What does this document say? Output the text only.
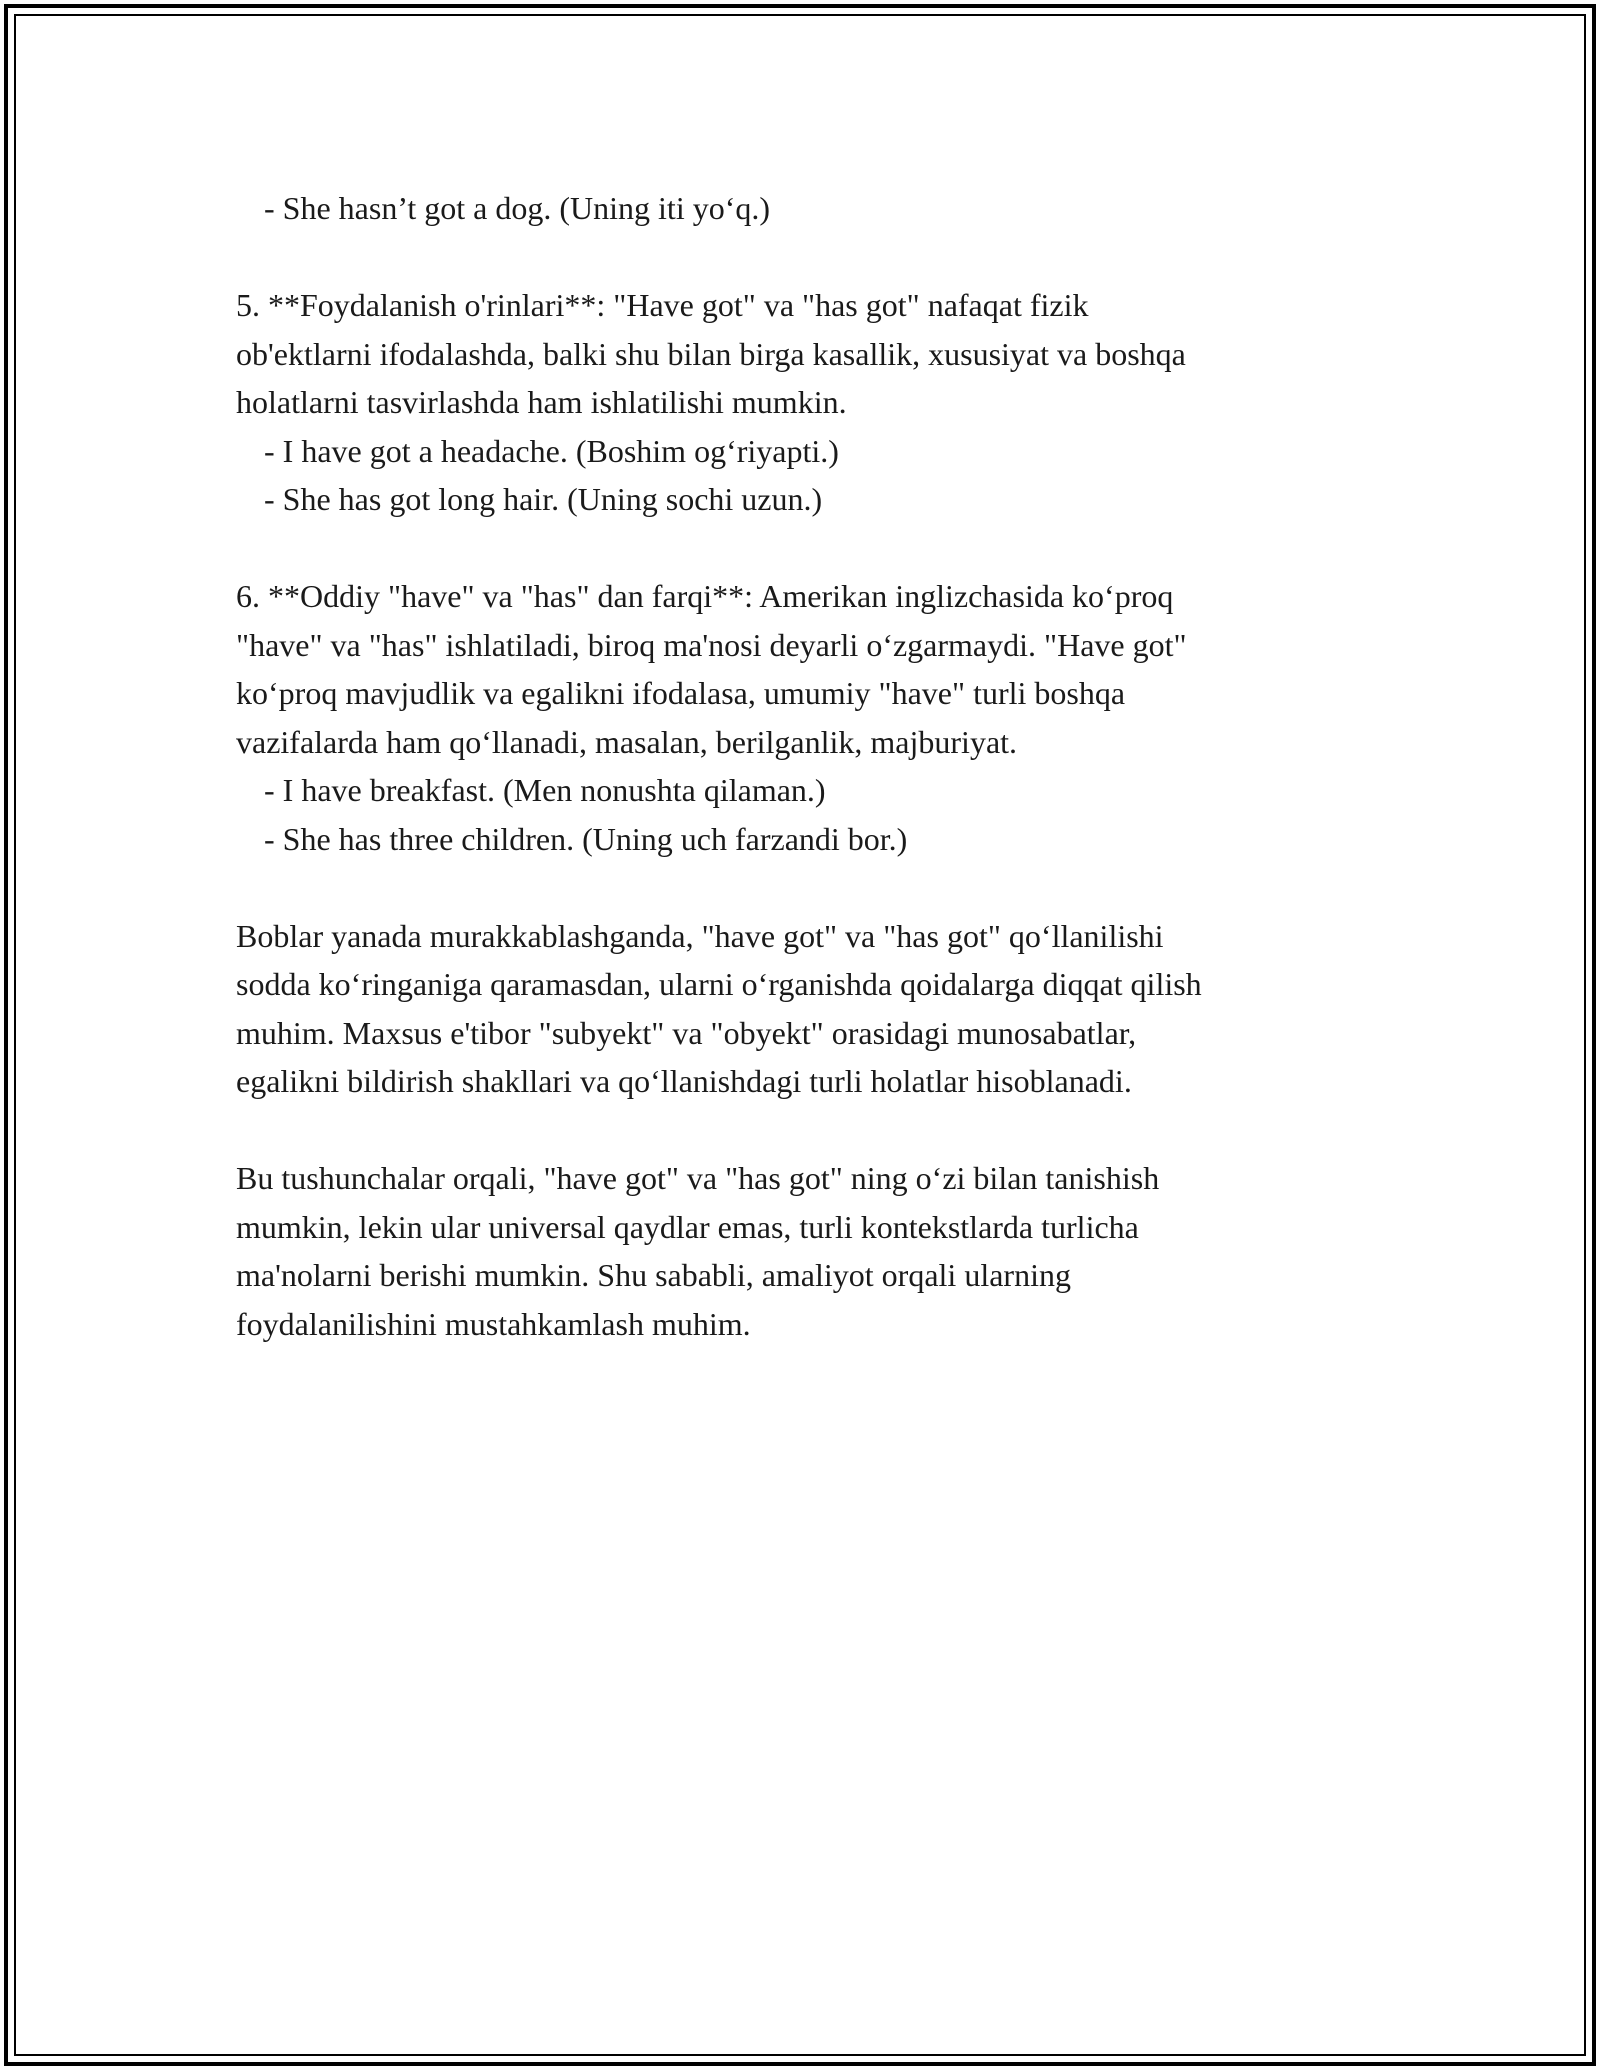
- She hasn’t got a dog. (Uning iti yo‘q.)
5. **Foydalanish o'rinlari**: "Have got" va "has got" nafaqat fizik
ob'ektlarni ifodalashda, balki shu bilan birga kasallik, xususiyat va boshqa
holatlarni tasvirlashda ham ishlatilishi mumkin.
- I have got a headache. (Boshim og‘riyapti.)
- She has got long hair. (Uning sochi uzun.)
6. **Oddiy "have" va "has" dan farqi**: Amerikan inglizchasida ko‘proq
"have" va "has" ishlatiladi, biroq ma'nosi deyarli o‘zgarmaydi. "Have got"
ko‘proq mavjudlik va egalikni ifodalasa, umumiy "have" turli boshqa
vazifalarda ham qo‘llanadi, masalan, berilganlik, majburiyat.
- I have breakfast. (Men nonushta qilaman.)
- She has three children. (Uning uch farzandi bor.)
Boblar yanada murakkablashganda, "have got" va "has got" qo‘llanilishi
sodda ko‘ringaniga qaramasdan, ularni o‘rganishda qoidalarga diqqat qilish
muhim. Maxsus e'tibor "subyekt" va "obyekt" orasidagi munosabatlar,
egalikni bildirish shakllari va qo‘llanishdagi turli holatlar hisoblanadi.
Bu tushunchalar orqali, "have got" va "has got" ning o‘zi bilan tanishish
mumkin, lekin ular universal qaydlar emas, turli kontekstlarda turlicha
ma'nolarni berishi mumkin. Shu sababli, amaliyot orqali ularning
foydalanilishini mustahkamlash muhim.
